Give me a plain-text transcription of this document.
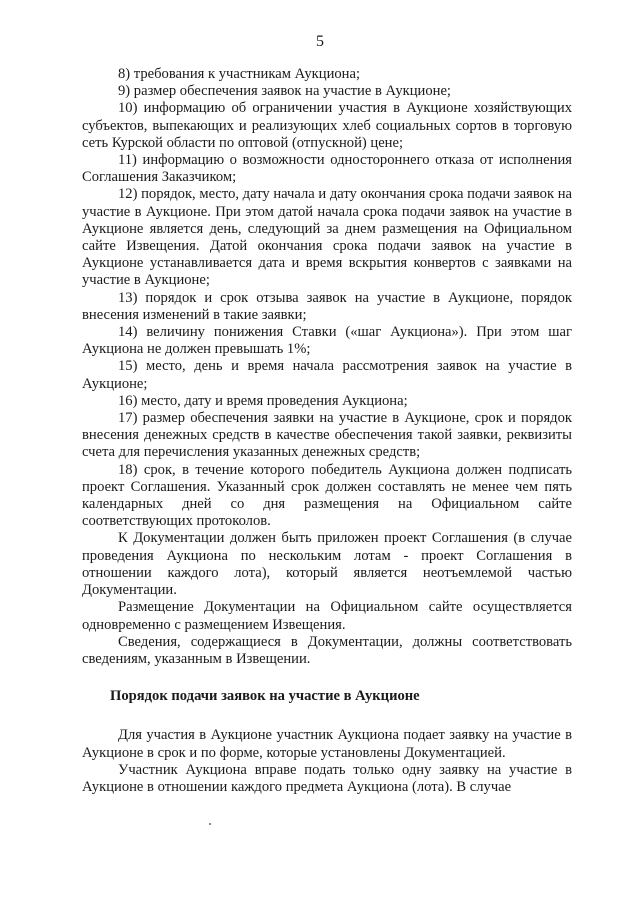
5

8) требования к участникам Аукциона;

9) размер обеспечения заявок на участие в Аукционе;

10) информацию об ограничении участия в Аукционе хозяйствующих субъектов, выпекающих и реализующих хлеб социальных сортов в торговую сеть Курской области по оптовой (отпускной) цене;

11) информацию о возможности одностороннего отказа от исполнения Соглашения Заказчиком;

12) порядок, место, дату начала и дату окончания срока подачи заявок на участие в Аукционе. При этом датой начала срока подачи заявок на участие в Аукционе является день, следующий за днем размещения на Официальном сайте Извещения. Датой окончания срока подачи заявок на участие в Аукционе устанавливается дата и время вскрытия конвертов с заявками на участие в Аукционе;

13) порядок и срок отзыва заявок на участие в Аукционе, порядок внесения изменений в такие заявки;

14) величину понижения Ставки («шаг Аукциона»). При этом шаг Аукциона не должен превышать 1%;

15) место, день и время начала рассмотрения заявок на участие в Аукционе;

16) место, дату и время проведения Аукциона;

17) размер обеспечения заявки на участие в Аукционе, срок и порядок внесения денежных средств в качестве обеспечения такой заявки, реквизиты счета для перечисления указанных денежных средств;

18) срок, в течение которого победитель Аукциона должен подписать проект Соглашения. Указанный срок должен составлять не менее чем пять календарных дней со дня размещения на Официальном сайте соответствующих протоколов.

К Документации должен быть приложен проект Соглашения (в случае проведения Аукциона по нескольким лотам - проект Соглашения в отношении каждого лота), который является неотъемлемой частью Документации.

Размещение Документации на Официальном сайте осуществляется одновременно с размещением Извещения.

Сведения, содержащиеся в Документации, должны соответствовать сведениям, указанным в Извещении.

Порядок подачи заявок на участие в Аукционе

Для участия в Аукционе участник Аукциона подает заявку на участие в Аукционе в срок и по форме, которые установлены Документацией.

Участник Аукциона вправе подать только одну заявку на участие в Аукционе в отношении каждого предмета Аукциона (лота). В случае
